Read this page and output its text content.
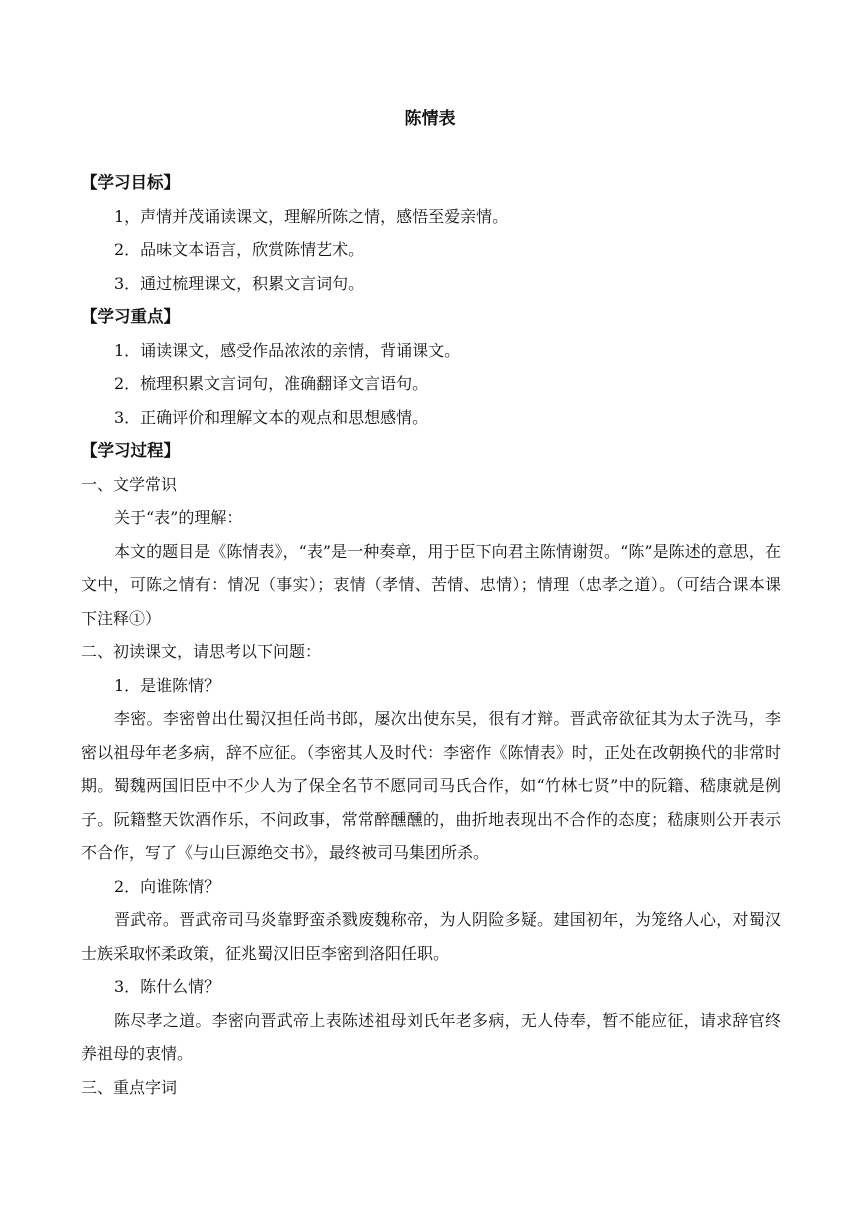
陈情表

【学习目标】

1，声情并茂诵读课文，理解所陈之情，感悟至爱亲情。

2．品味文本语言，欣赏陈情艺术。

3．通过梳理课文，积累文言词句。

【学习重点】

1．诵读课文，感受作品浓浓的亲情，背诵课文。

2．梳理积累文言词句，准确翻译文言语句。

3．正确评价和理解文本的观点和思想感情。

【学习过程】

一、文学常识

关于“表”的理解：

本文的题目是《陈情表》，“表”是一种奏章，用于臣下向君主陈情谢贺。“陈”是陈述的意思，在文中，可陈之情有：情况（事实）；衷情（孝情、苦情、忠情）；情理（忠孝之道）。（可结合课本课下注释①）

二、初读课文，请思考以下问题：

1．是谁陈情？

李密。李密曾出仕蜀汉担任尚书郎，屡次出使东吴，很有才辩。晋武帝欲征其为太子洗马，李密以祖母年老多病，辞不应征。（李密其人及时代：李密作《陈情表》时，正处在改朝换代的非常时期。蜀魏两国旧臣中不少人为了保全名节不愿同司马氏合作，如“竹林七贤”中的阮籍、嵇康就是例子。阮籍整天饮酒作乐，不问政事，常常醉醺醺的，曲折地表现出不合作的态度；嵇康则公开表示不合作，写了《与山巨源绝交书》，最终被司马集团所杀。

2．向谁陈情？

晋武帝。晋武帝司马炎靠野蛮杀戮废魏称帝，为人阴险多疑。建国初年，为笼络人心，对蜀汉士族采取怀柔政策，征兆蜀汉旧臣李密到洛阳任职。

3．陈什么情？

陈尽孝之道。李密向晋武帝上表陈述祖母刘氏年老多病，无人侍奉，暂不能应征，请求辞官终养祖母的衷情。

三、重点字词
